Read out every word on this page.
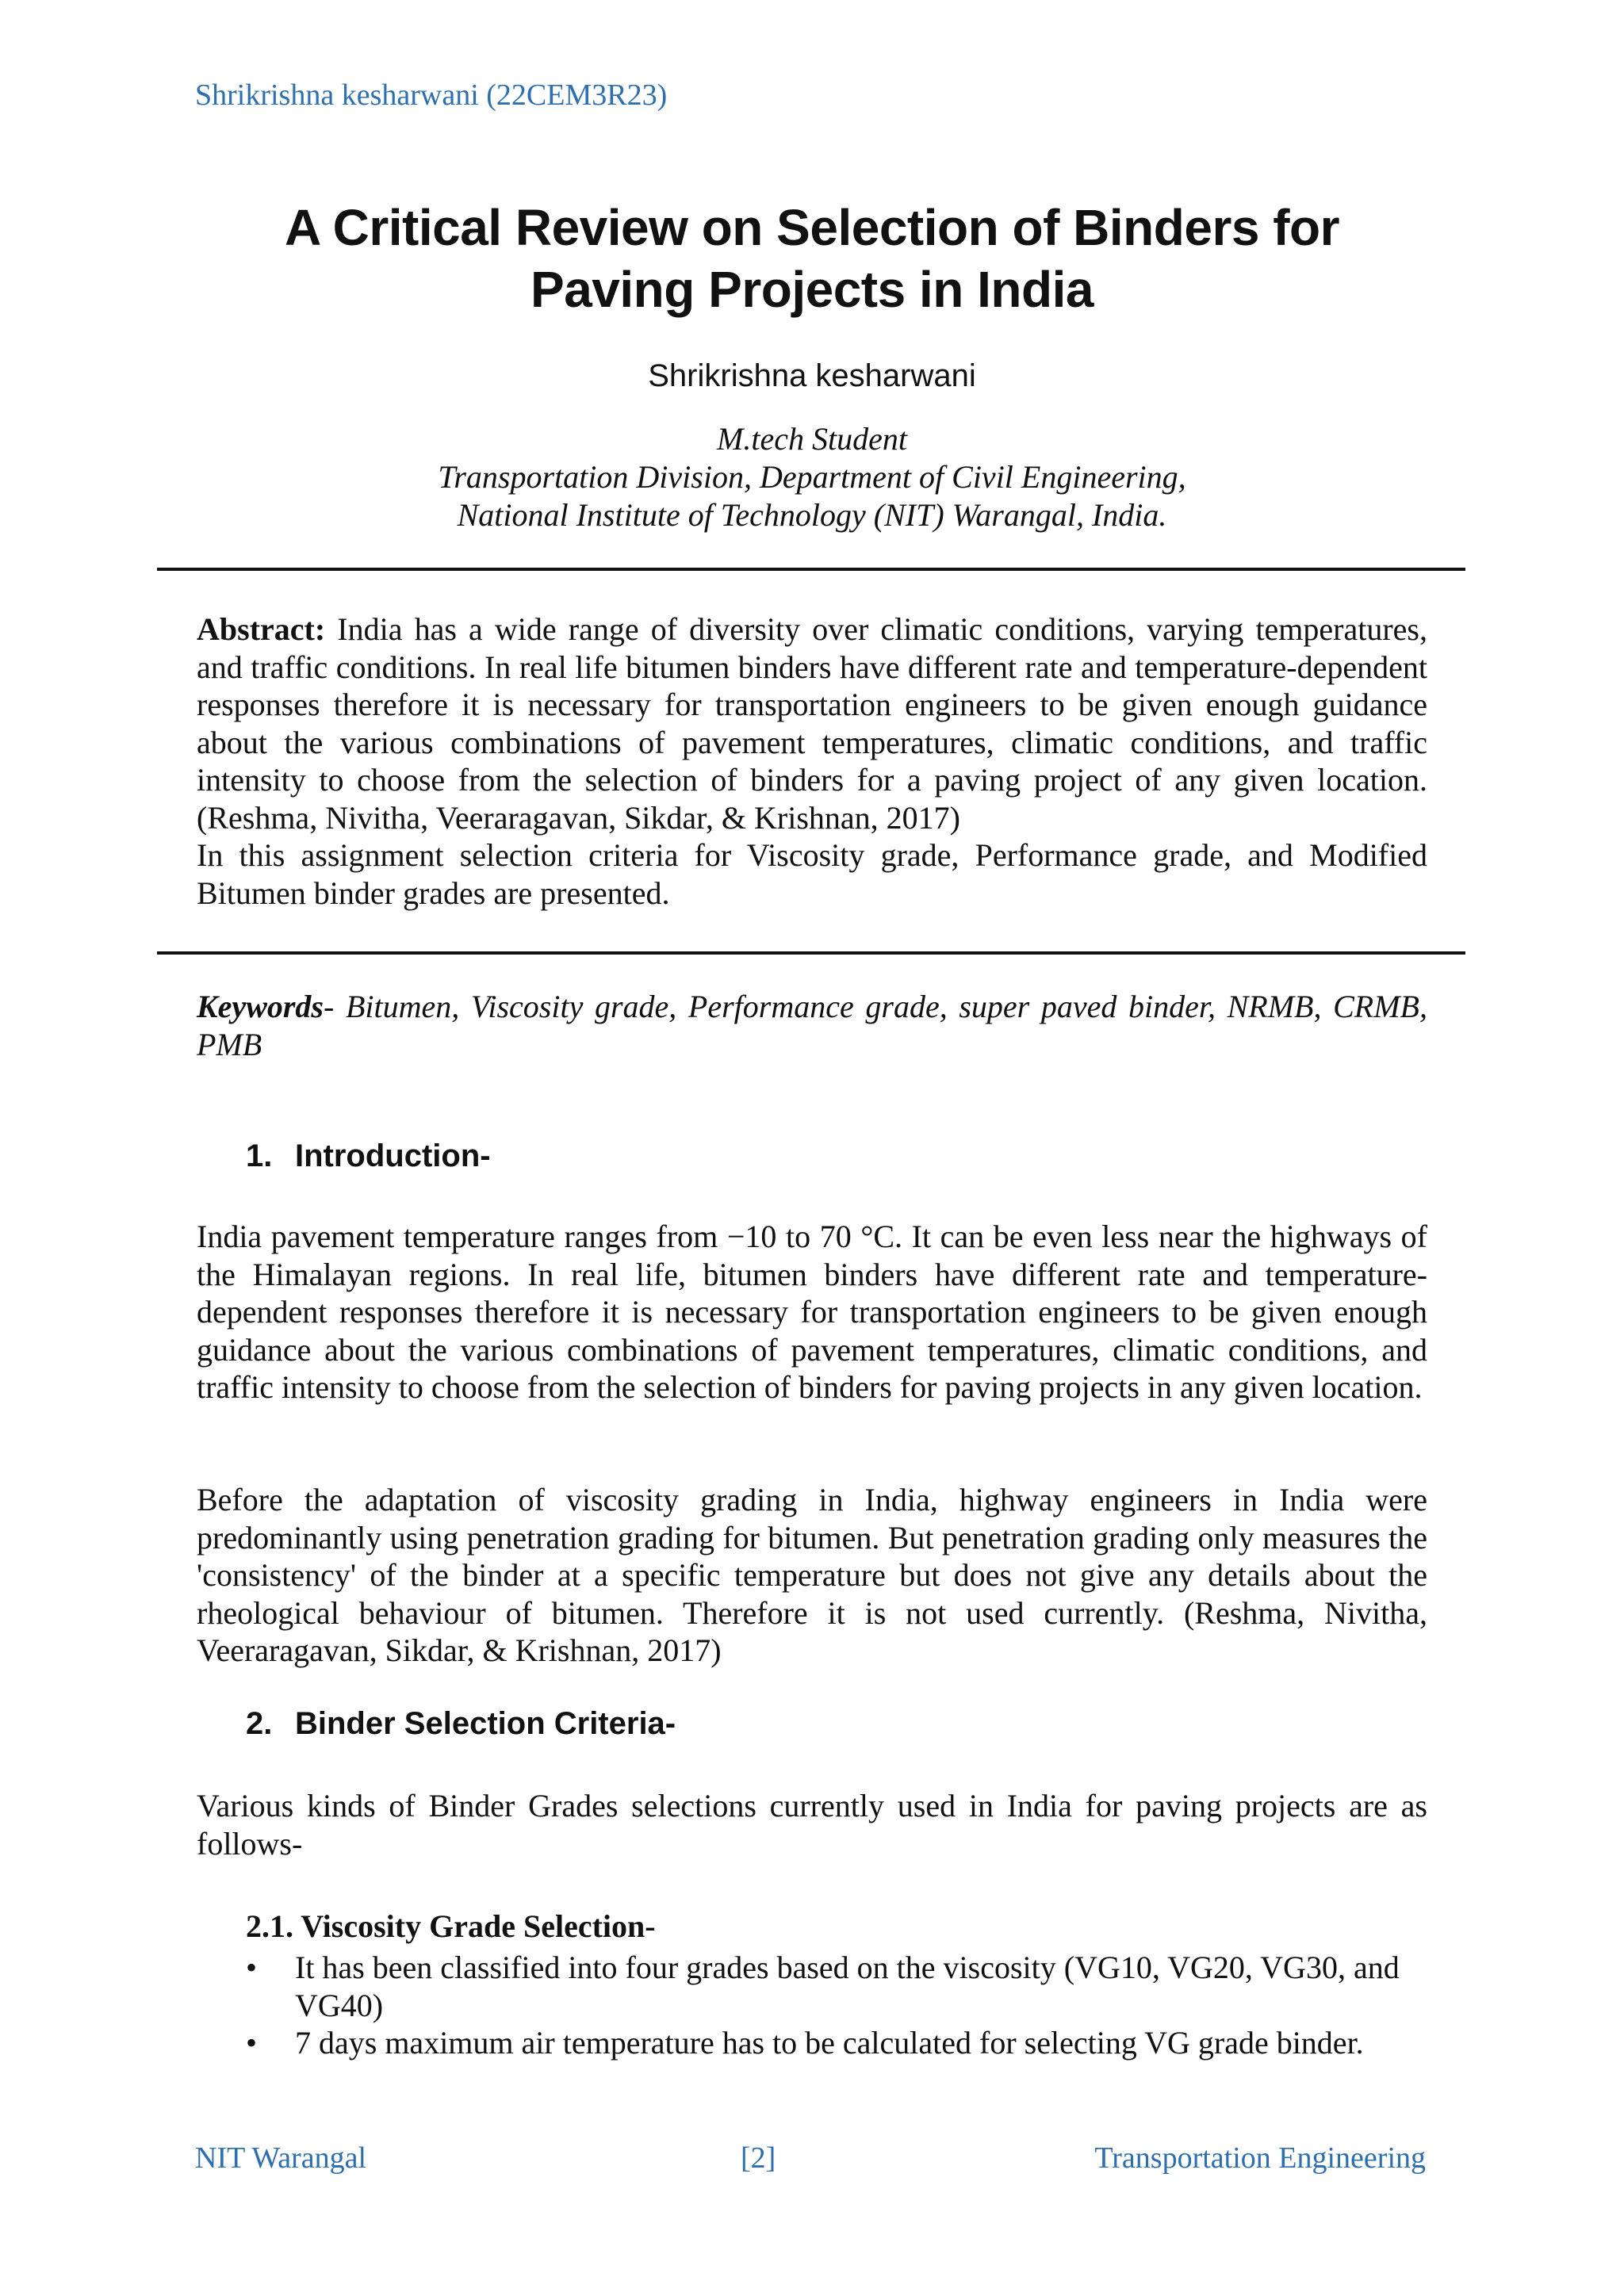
Shrikrishna kesharwani (22CEM3R23)
A Critical Review on Selection of Binders for
Paving Projects in India
Shrikrishna kesharwani
M.tech Student
Transportation Division, Department of Civil Engineering,
National Institute of Technology (NIT) Warangal, India.

Abstract: India has a wide range of diversity over climatic conditions, varying temperatures, and traffic conditions. In real life bitumen binders have different rate and temperature-dependent responses therefore it is necessary for transportation engineers to be given enough guidance about the various combinations of pavement temperatures, climatic conditions, and traffic intensity to choose from the selection of binders for a paving project of any given location. (Reshma, Nivitha, Veeraragavan, Sikdar, & Krishnan, 2017)

In this assignment selection criteria for Viscosity grade, Performance grade, and Modified Bitumen binder grades are presented.

Keywords- Bitumen, Viscosity grade, Performance grade, super paved binder, NRMB, CRMB, PMB
1. Introduction-
India pavement temperature ranges from −10 to 70 °C. It can be even less near the highways of the Himalayan regions. In real life, bitumen binders have different rate and temperature-dependent responses therefore it is necessary for transportation engineers to be given enough guidance about the various combinations of pavement temperatures, climatic conditions, and traffic intensity to choose from the selection of binders for paving projects in any given location.
Before the adaptation of viscosity grading in India, highway engineers in India were predominantly using penetration grading for bitumen. But penetration grading only measures the 'consistency' of the binder at a specific temperature but does not give any details about the rheological behaviour of bitumen. Therefore it is not used currently. (Reshma, Nivitha, Veeraragavan, Sikdar, & Krishnan, 2017)
2. Binder Selection Criteria-
Various kinds of Binder Grades selections currently used in India for paving projects are as follows-
2.1. Viscosity Grade Selection-
•	It has been classified into four grades based on the viscosity (VG10, VG20, VG30, and VG40)
•	7 days maximum air temperature has to be calculated for selecting VG grade binder.
NIT Warangal	[2]	Transportation Engineering
